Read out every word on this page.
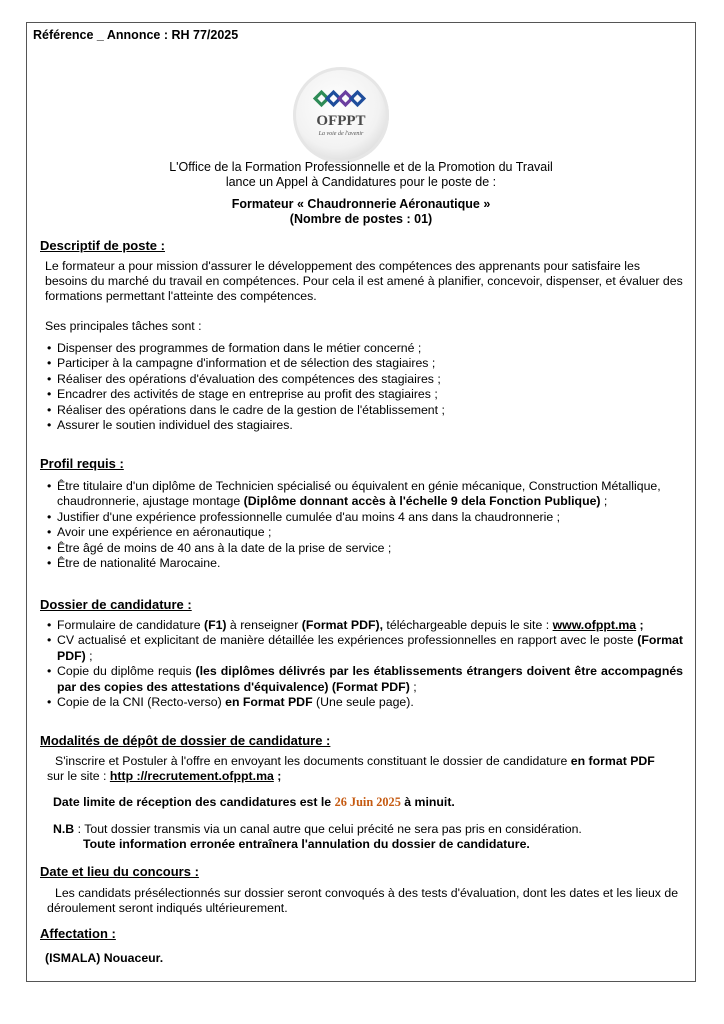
Référence _ Annonce : RH 77/2025
OFPPT
La voie de l'avenir
L'Office de la Formation Professionnelle et de la Promotion du Travail
lance un Appel à Candidatures pour le poste de :
Formateur « Chaudronnerie Aéronautique »
(Nombre de postes : 01)
Descriptif de poste :
Le formateur a pour mission d'assurer le développement des compétences des apprenants pour satisfaire les besoins du marché du travail en compétences. Pour cela il est amené à planifier, concevoir, dispenser, et évaluer des formations permettant l'atteinte des compétences.
Ses principales tâches sont :
• Dispenser des programmes de formation dans le métier concerné ;
• Participer à la campagne d'information et de sélection des stagiaires ;
• Réaliser des opérations d'évaluation des compétences des stagiaires ;
• Encadrer des activités de stage en entreprise au profit des stagiaires ;
• Réaliser des opérations dans le cadre de la gestion de l'établissement ;
• Assurer le soutien individuel des stagiaires.
Profil requis :
• Être titulaire d'un diplôme de Technicien spécialisé ou équivalent en génie mécanique, Construction Métallique, chaudronnerie, ajustage montage (Diplôme donnant accès à l'échelle 9 dela Fonction Publique) ;
• Justifier d'une expérience professionnelle cumulée d'au moins 4 ans dans la chaudronnerie ;
• Avoir une expérience en aéronautique ;
• Être âgé de moins de 40 ans à la date de la prise de service ;
• Être de nationalité Marocaine.
Dossier de candidature :
• Formulaire de candidature (F1) à renseigner (Format PDF), téléchargeable depuis le site : www.ofppt.ma ;
• CV actualisé et explicitant de manière détaillée les expériences professionnelles en rapport avec le poste (Format PDF) ;
• Copie du diplôme requis (les diplômes délivrés par les établissements étrangers doivent être accompagnés par des copies des attestations d'équivalence) (Format PDF) ;
• Copie de la CNI (Recto-verso) en Format PDF (Une seule page).
Modalités de dépôt de dossier de candidature :
S'inscrire et Postuler à l'offre en envoyant les documents constituant le dossier de candidature en format PDF
sur le site : http ://recrutement.ofppt.ma ;
Date limite de réception des candidatures est le 26 Juin 2025 à minuit.
N.B : Tout dossier transmis via un canal autre que celui précité ne sera pas pris en considération.
Toute information erronée entraînera l'annulation du dossier de candidature.
Date et lieu du concours :
Les candidats présélectionnés sur dossier seront convoqués à des tests d'évaluation, dont les dates et les lieux de déroulement seront indiqués ultérieurement.
Affectation :
(ISMALA) Nouaceur.
